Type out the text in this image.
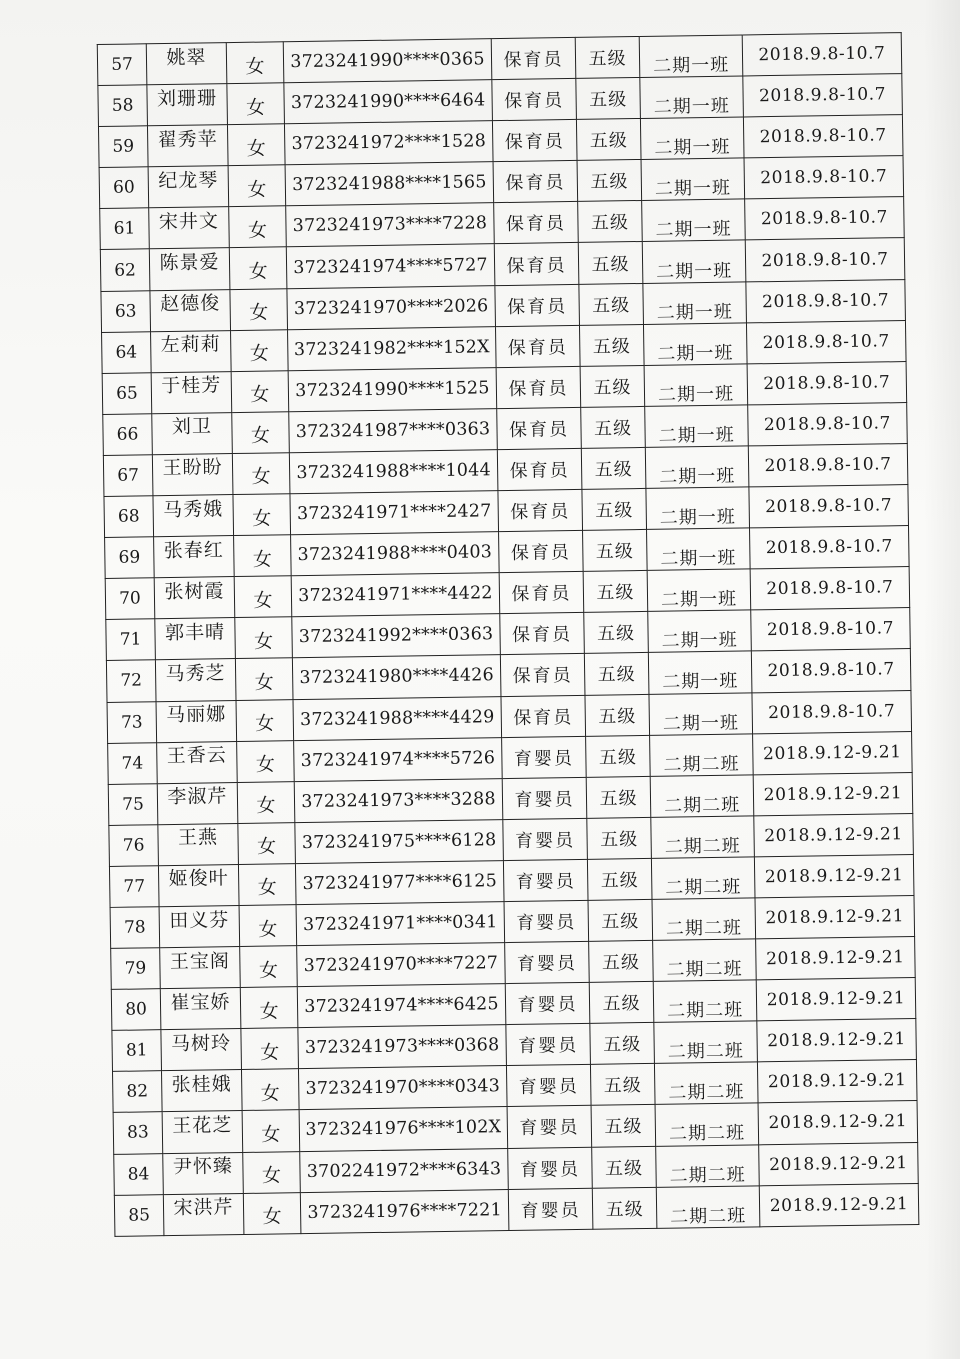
57	姚翠	女	3723241990****0365	保育员	五级	二期一班	2018.9.8-10.7
58	刘珊珊	女	3723241990****6464	保育员	五级	二期一班	2018.9.8-10.7
59	翟秀苹	女	3723241972****1528	保育员	五级	二期一班	2018.9.8-10.7
60	纪龙琴	女	3723241988****1565	保育员	五级	二期一班	2018.9.8-10.7
61	宋井文	女	3723241973****7228	保育员	五级	二期一班	2018.9.8-10.7
62	陈景爱	女	3723241974****5727	保育员	五级	二期一班	2018.9.8-10.7
63	赵德俊	女	3723241970****2026	保育员	五级	二期一班	2018.9.8-10.7
64	左莉莉	女	3723241982****152X	保育员	五级	二期一班	2018.9.8-10.7
65	于桂芳	女	3723241990****1525	保育员	五级	二期一班	2018.9.8-10.7
66	刘卫	女	3723241987****0363	保育员	五级	二期一班	2018.9.8-10.7
67	王盼盼	女	3723241988****1044	保育员	五级	二期一班	2018.9.8-10.7
68	马秀娥	女	3723241971****2427	保育员	五级	二期一班	2018.9.8-10.7
69	张春红	女	3723241988****0403	保育员	五级	二期一班	2018.9.8-10.7
70	张树霞	女	3723241971****4422	保育员	五级	二期一班	2018.9.8-10.7
71	郭丰晴	女	3723241992****0363	保育员	五级	二期一班	2018.9.8-10.7
72	马秀芝	女	3723241980****4426	保育员	五级	二期一班	2018.9.8-10.7
73	马丽娜	女	3723241988****4429	保育员	五级	二期一班	2018.9.8-10.7
74	王香云	女	3723241974****5726	育婴员	五级	二期二班	2018.9.12-9.21
75	李淑芹	女	3723241973****3288	育婴员	五级	二期二班	2018.9.12-9.21
76	王燕	女	3723241975****6128	育婴员	五级	二期二班	2018.9.12-9.21
77	姬俊叶	女	3723241977****6125	育婴员	五级	二期二班	2018.9.12-9.21
78	田义芬	女	3723241971****0341	育婴员	五级	二期二班	2018.9.12-9.21
79	王宝阁	女	3723241970****7227	育婴员	五级	二期二班	2018.9.12-9.21
80	崔宝娇	女	3723241974****6425	育婴员	五级	二期二班	2018.9.12-9.21
81	马树玲	女	3723241973****0368	育婴员	五级	二期二班	2018.9.12-9.21
82	张桂娥	女	3723241970****0343	育婴员	五级	二期二班	2018.9.12-9.21
83	王花芝	女	3723241976****102X	育婴员	五级	二期二班	2018.9.12-9.21
84	尹怀臻	女	3702241972****6343	育婴员	五级	二期二班	2018.9.12-9.21
85	宋洪芹	女	3723241976****7221	育婴员	五级	二期二班	2018.9.12-9.21
